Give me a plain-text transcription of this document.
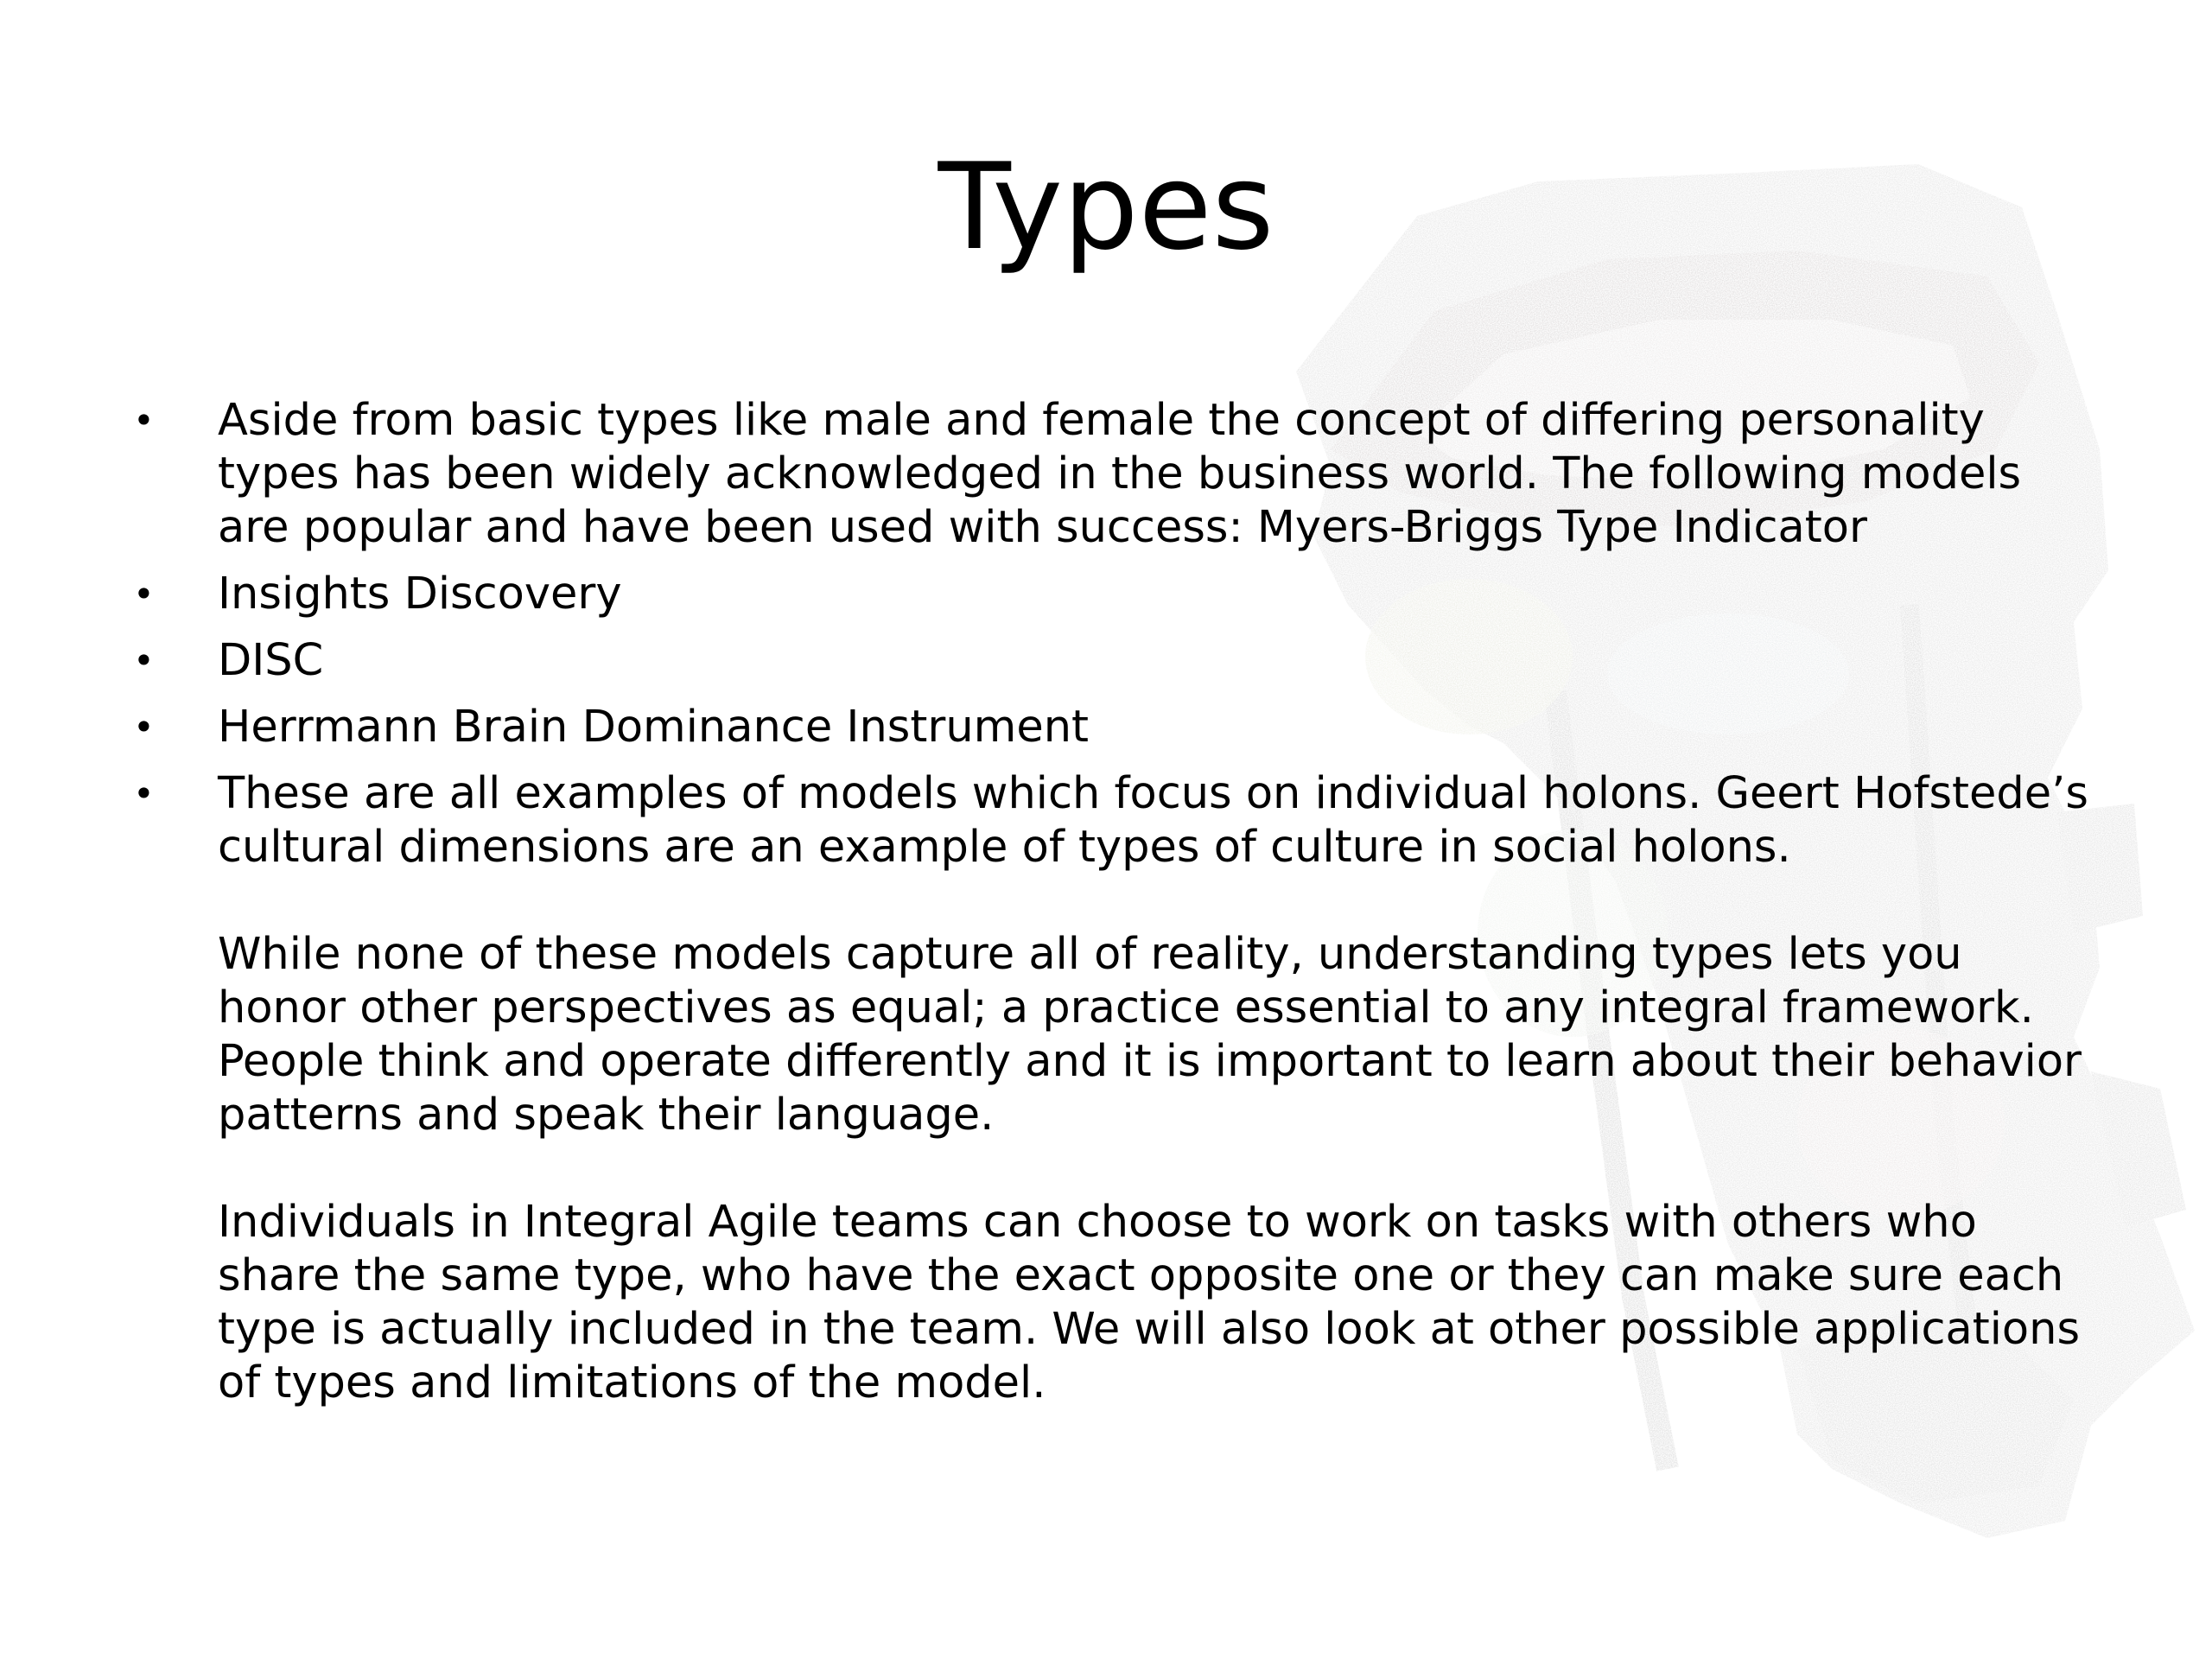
Types
• Aside from basic types like male and female the concept of differing personality types has been widely acknowledged in the business world. The following models are popular and have been used with success: Myers-Briggs Type Indicator
• Insights Discovery
• DISC
• Herrmann Brain Dominance Instrument
• These are all examples of models which focus on individual holons. Geert Hofstede’s cultural dimensions are an example of types of culture in social holons.
While none of these models capture all of reality, understanding types lets you honor other perspectives as equal; a practice essential to any integral framework. People think and operate differently and it is important to learn about their behavior patterns and speak their language.
Individuals in Integral Agile teams can choose to work on tasks with others who share the same type, who have the exact opposite one or they can make sure each type is actually included in the team. We will also look at other possible applications of types and limitations of the model.
